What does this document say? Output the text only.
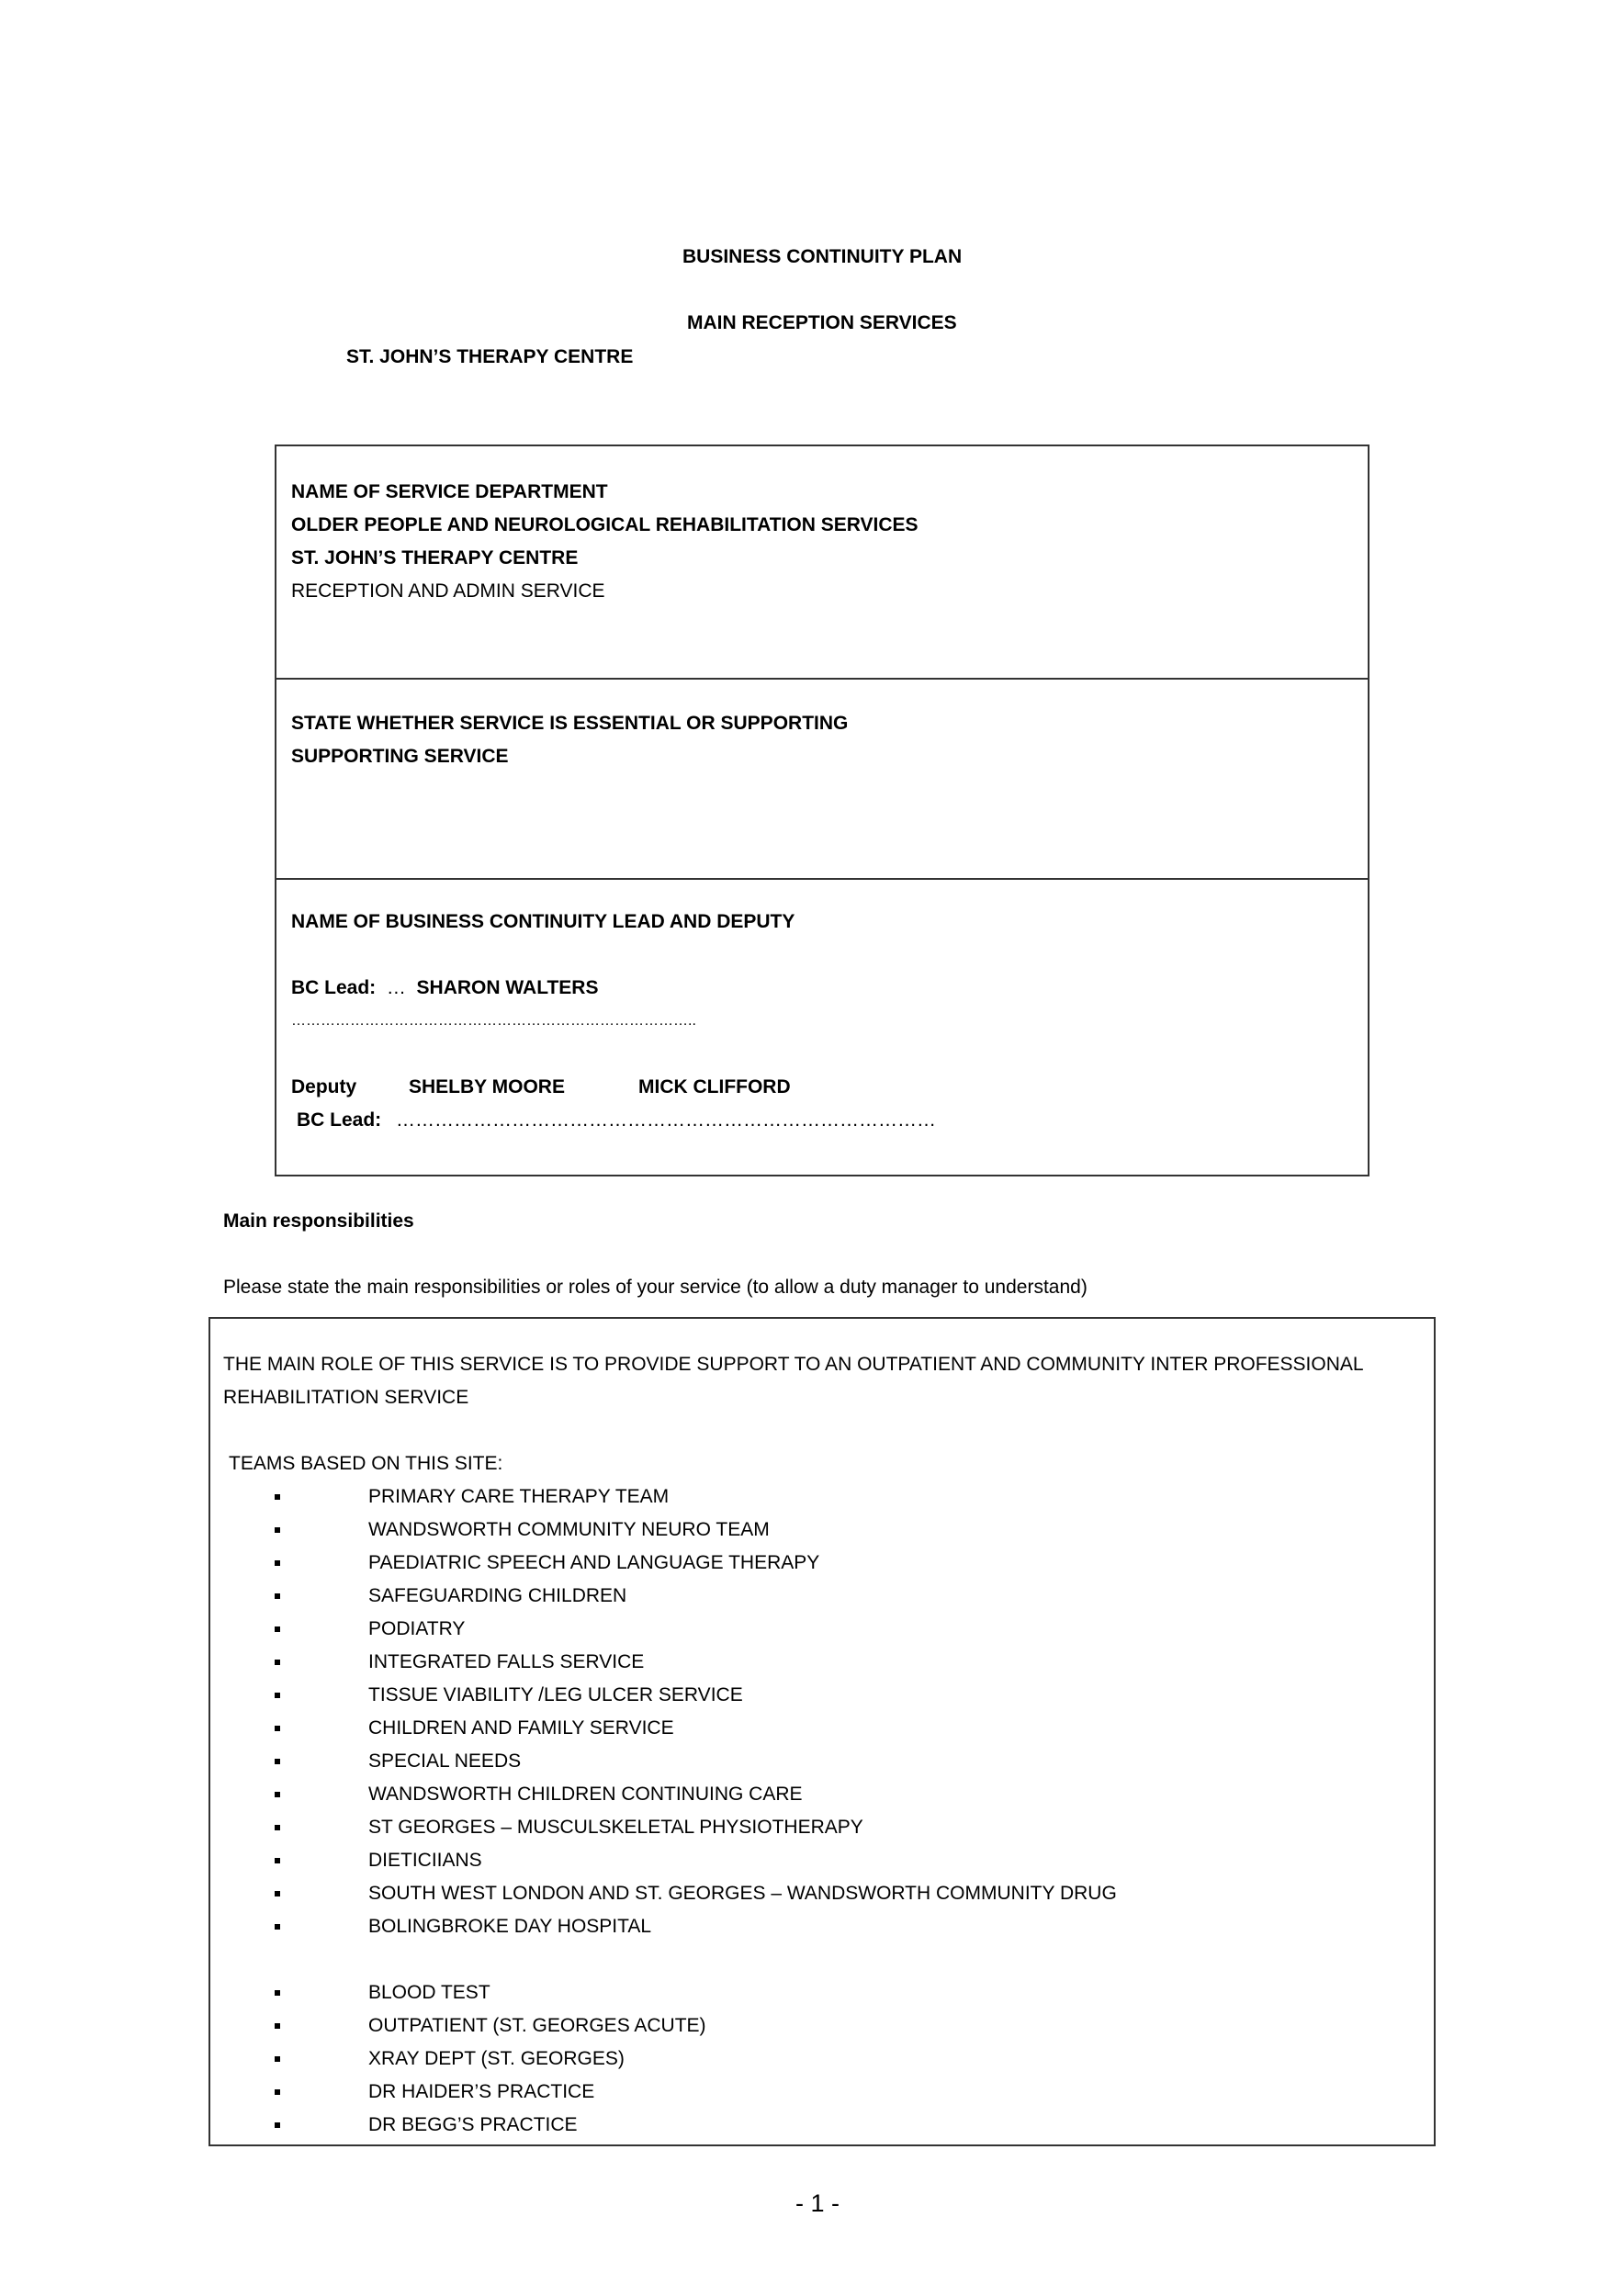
BUSINESS CONTINUITY PLAN
MAIN RECEPTION SERVICES
ST. JOHN’S THERAPY CENTRE
NAME OF SERVICE DEPARTMENT
OLDER PEOPLE AND NEUROLOGICAL REHABILITATION SERVICES
ST. JOHN’S THERAPY CENTRE
RECEPTION AND ADMIN SERVICE
STATE WHETHER SERVICE IS ESSENTIAL OR SUPPORTING
SUPPORTING SERVICE
NAME OF BUSINESS CONTINUITY LEAD AND DEPUTY
BC Lead: … SHARON WALTERS
………………………………………………………………………..
Deputy	SHELBY MOORE	MICK CLIFFORD
BC Lead: …………………………………………………………………………
Main responsibilities
Please state the main responsibilities or roles of your service (to allow a duty manager to understand)
THE MAIN ROLE OF THIS SERVICE IS TO PROVIDE SUPPORT TO AN OUTPATIENT AND COMMUNITY INTER PROFESSIONAL
REHABILITATION SERVICE
TEAMS BASED ON THIS SITE:
PRIMARY CARE THERAPY TEAM
WANDSWORTH COMMUNITY NEURO TEAM
PAEDIATRIC SPEECH AND LANGUAGE THERAPY
SAFEGUARDING CHILDREN
PODIATRY
INTEGRATED FALLS SERVICE
TISSUE VIABILITY /LEG ULCER SERVICE
CHILDREN AND FAMILY SERVICE
SPECIAL NEEDS
WANDSWORTH CHILDREN CONTINUING CARE
ST GEORGES – MUSCULSKELETAL PHYSIOTHERAPY
DIETICIIANS
SOUTH WEST LONDON AND ST. GEORGES – WANDSWORTH COMMUNITY DRUG
BOLINGBROKE DAY HOSPITAL
BLOOD TEST
OUTPATIENT (ST. GEORGES ACUTE)
XRAY DEPT (ST. GEORGES)
DR HAIDER’S PRACTICE
DR BEGG’S PRACTICE
- 1 -
